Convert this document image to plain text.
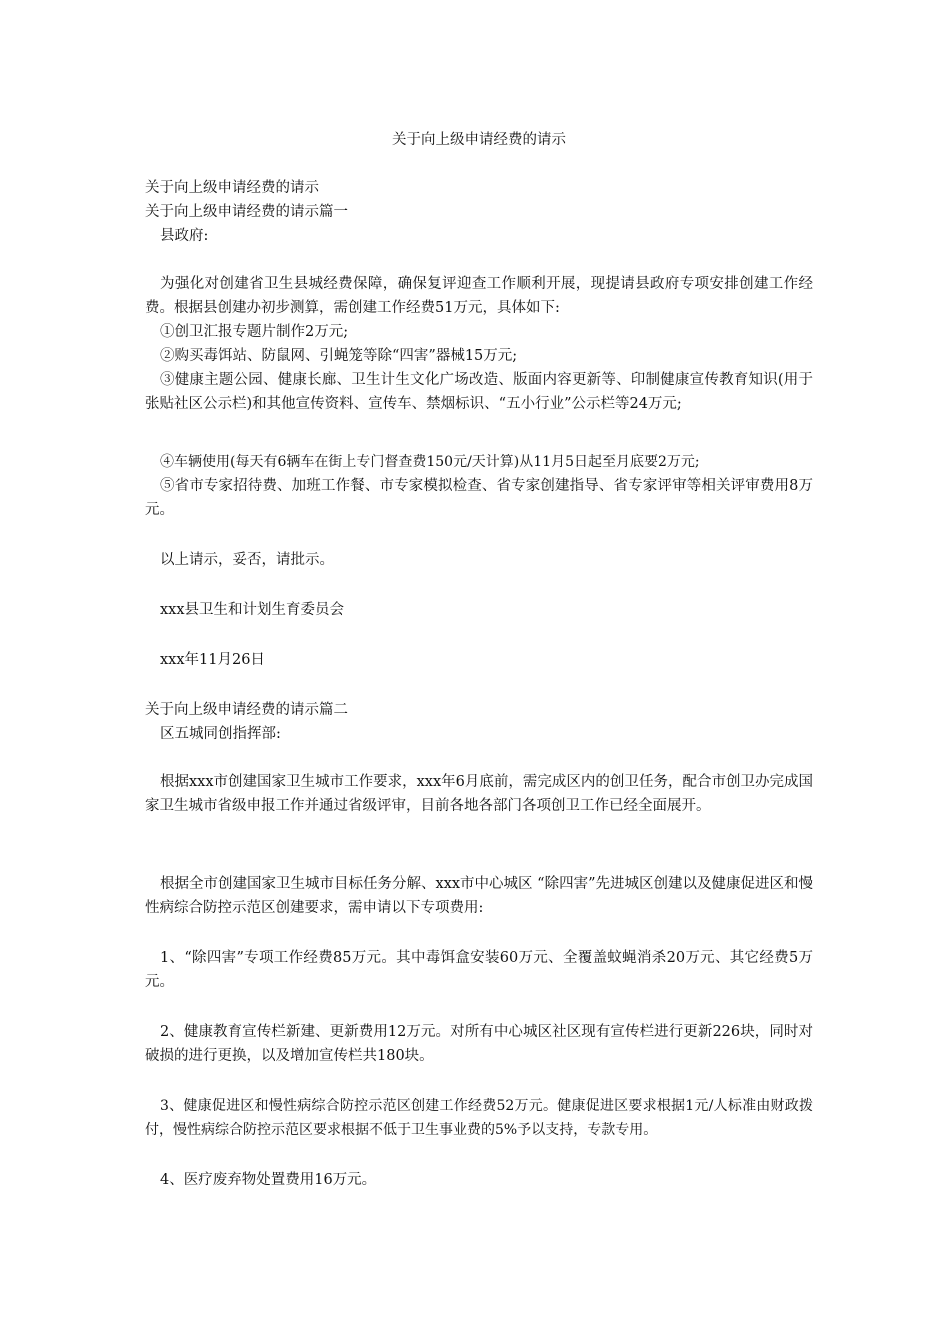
关于向上级申请经费的请示
关于向上级申请经费的请示
关于向上级申请经费的请示篇一
县政府:
为强化对创建省卫生县城经费保障，确保复评迎查工作顺利开展，现提请县政府专项安排创建工作经费。根据县创建办初步测算，需创建工作经费51万元，具体如下:
①创卫汇报专题片制作2万元;
②购买毒饵站、防鼠网、引蝇笼等除“四害”器械15万元;
③健康主题公园、健康长廊、卫生计生文化广场改造、版面内容更新等、印制健康宣传教育知识(用于张贴社区公示栏)和其他宣传资料、宣传车、禁烟标识、“五小行业”公示栏等24万元;
④车辆使用(每天有6辆车在街上专门督查费150元/天计算)从11月5日起至月底要2万元;
⑤省市专家招待费、加班工作餐、市专家模拟检查、省专家创建指导、省专家评审等相关评审费用8万元。
以上请示，妥否，请批示。
xxx县卫生和计划生育委员会
xxx年11月26日
关于向上级申请经费的请示篇二
区五城同创指挥部:
根据xxx市创建国家卫生城市工作要求，xxx年6月底前，需完成区内的创卫任务，配合市创卫办完成国家卫生城市省级申报工作并通过省级评审，目前各地各部门各项创卫工作已经全面展开。
根据全市创建国家卫生城市目标任务分解、xxx市中心城区 “除四害”先进城区创建以及健康促进区和慢性病综合防控示范区创建要求，需申请以下专项费用:
1、“除四害”专项工作经费85万元。其中毒饵盒安装60万元、全覆盖蚊蝇消杀20万元、其它经费5万元。
2、健康教育宣传栏新建、更新费用12万元。对所有中心城区社区现有宣传栏进行更新226块，同时对破损的进行更换，以及增加宣传栏共180块。
3、健康促进区和慢性病综合防控示范区创建工作经费52万元。健康促进区要求根据1元/人标准由财政拨付，慢性病综合防控示范区要求根据不低于卫生事业费的5%予以支持，专款专用。
4、医疗废弃物处置费用16万元。
